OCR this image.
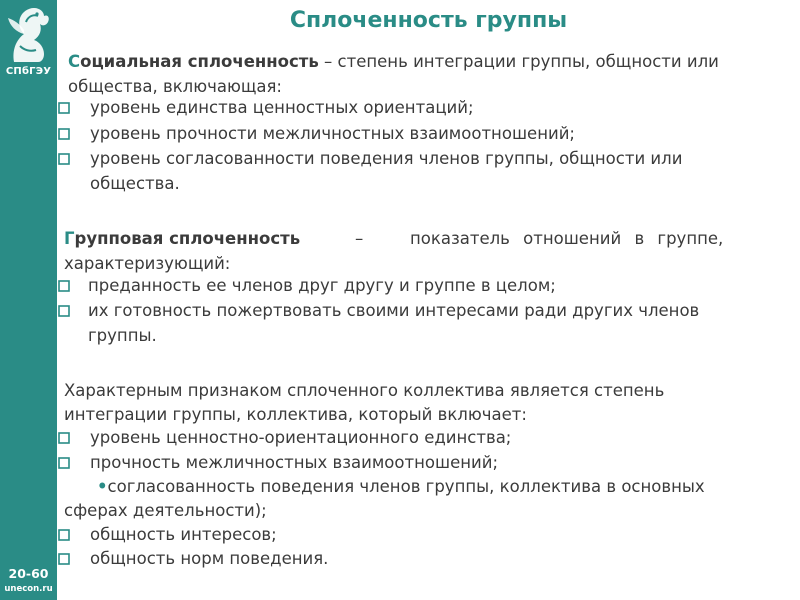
СПбГЭУ
20-60
unecon.ru
Сплоченность группы
Социальная сплоченность – степень интеграции группы, общности или
общества, включающая:
уровень единства ценностных ориентаций;
уровень прочности межличностных взаимоотношений;
уровень согласованности поведения членов группы, общности или
общества.
Групповая сплоченность	–	показатель отношений в группе,
характеризующий:
преданность ее членов друг другу и группе в целом;
их готовность пожертвовать своими интересами ради других членов
группы.
Характерным признаком сплоченного коллектива является степень
интеграции группы, коллектива, который включает:
уровень ценностно-ориентационного единства;
прочность межличностных взаимоотношений;
•согласованность поведения членов группы, коллектива в основных
сферах деятельности);
общность интересов;
общность норм поведения.
